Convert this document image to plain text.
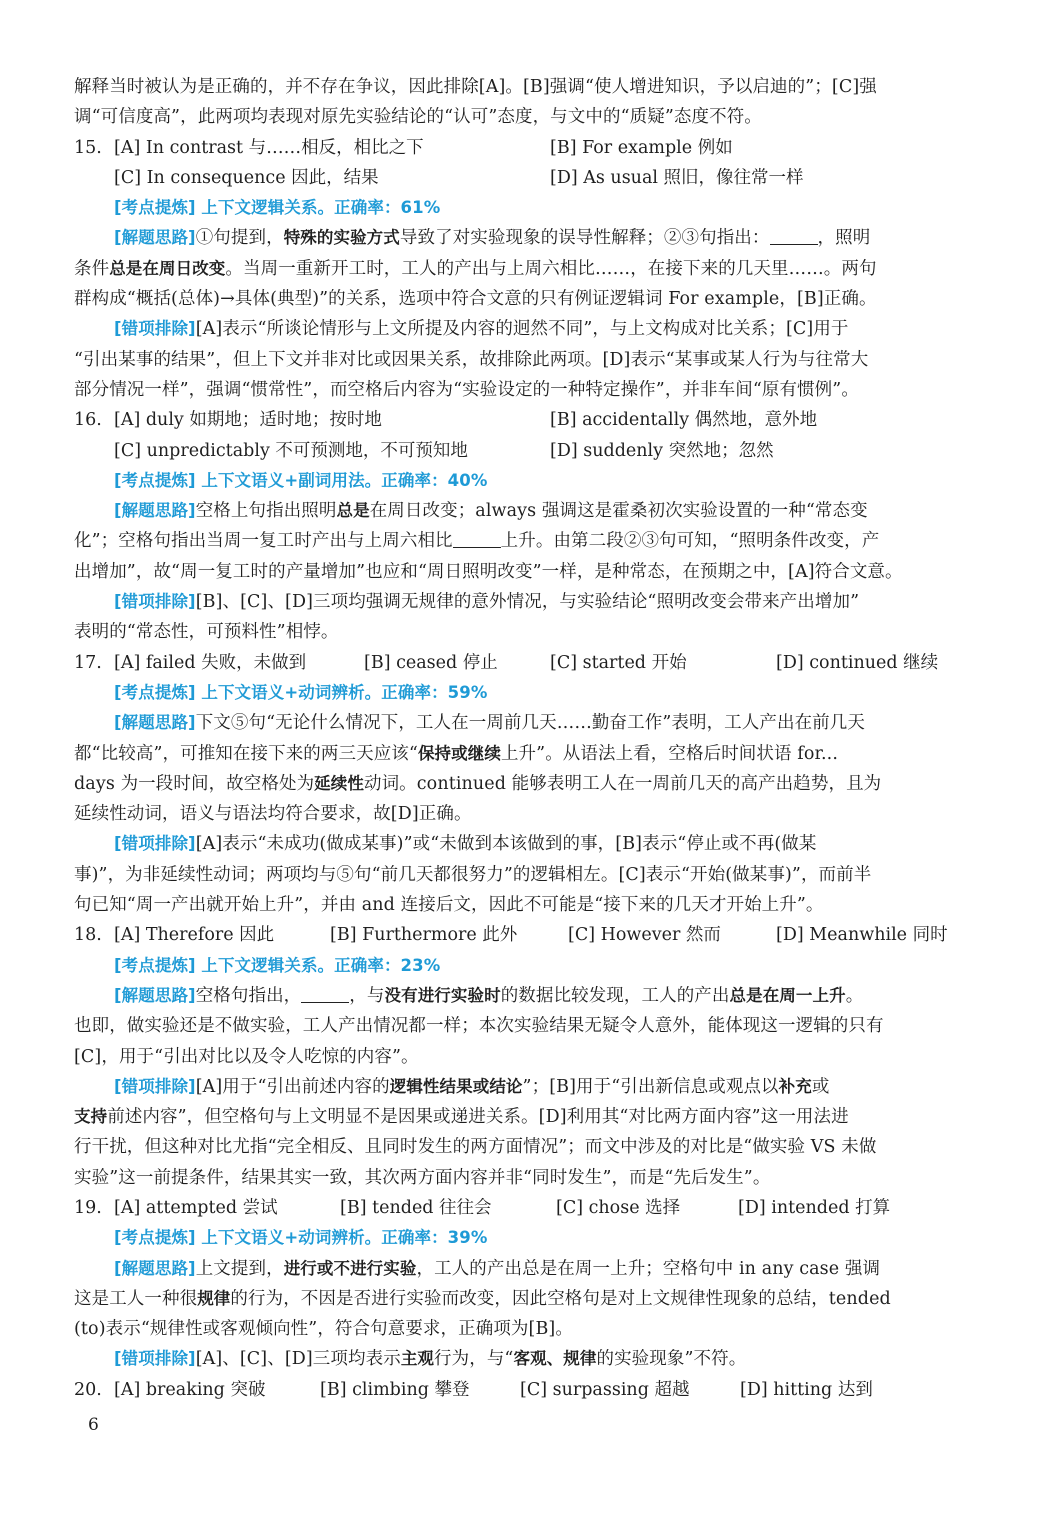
解释当时被认为是正确的，并不存在争议，因此排除[A]。[B]强调“使人增进知识，予以启迪的”；[C]强

调“可信度高”，此两项均表现对原先实验结论的“认可”态度，与文中的“质疑”态度不符。

15. [A] In contrast 与……相反，相比之下	[B] For example 例如
[C] In consequence 因此，结果	[D] As usual 照旧，像往常一样

[考点提炼] 上下文逻辑关系。正确率：61%

[解题思路]①句提到，特殊的实验方式导致了对实验现象的误导性解释；②③句指出：	，照明

条件总是在周日改变。当周一重新开工时，工人的产出与上周六相比……，在接下来的几天里……。两句

群构成“概括(总体)→具体(典型)”的关系，选项中符合文意的只有例证逻辑词 For example，[B]正确。

[错项排除][A]表示“所谈论情形与上文所提及内容的迥然不同”，与上文构成对比关系；[C]用于

“引出某事的结果”，但上下文并非对比或因果关系，故排除此两项。[D]表示“某事或某人行为与往常大

部分情况一样”，强调“惯常性”，而空格后内容为“实验设定的一种特定操作”，并非车间“原有惯例”。

16. [A] duly 如期地；适时地；按时地	[B] accidentally 偶然地，意外地
[C] unpredictably 不可预测地，不可预知地	[D] suddenly 突然地；忽然

[考点提炼] 上下文语义+副词用法。正确率：40%

[解题思路]空格上句指出照明总是在周日改变；always 强调这是霍桑初次实验设置的一种“常态变

化”；空格句指出当周一复工时产出与上周六相比	上升。由第二段②③句可知，“照明条件改变，产

出增加”，故“周一复工时的产量增加”也应和“周日照明改变”一样，是种常态，在预期之中，[A]符合文意。

[错项排除][B]、[C]、[D]三项均强调无规律的意外情况，与实验结论“照明改变会带来产出增加”

表明的“常态性，可预料性”相悖。

17. [A] failed 失败，未做到	[B] ceased 停止	[C] started 开始	[D] continued 继续

[考点提炼] 上下文语义+动词辨析。正确率：59%

[解题思路]下文⑤句“无论什么情况下，工人在一周前几天……勤奋工作”表明，工人产出在前几天

都“比较高”，可推知在接下来的两三天应该“保持或继续上升”。从语法上看，空格后时间状语 for...

days 为一段时间，故空格处为延续性动词。continued 能够表明工人在一周前几天的高产出趋势，且为

延续性动词，语义与语法均符合要求，故[D]正确。

[错项排除][A]表示“未成功(做成某事)”或“未做到本该做到的事，[B]表示“停止或不再(做某

事)”，为非延续性动词；两项均与⑤句“前几天都很努力”的逻辑相左。[C]表示“开始(做某事)”，而前半

句已知“周一产出就开始上升”，并由 and 连接后文，因此不可能是“接下来的几天才开始上升”。

18. [A] Therefore 因此	[B] Furthermore 此外	[C] However 然而	[D] Meanwhile 同时

[考点提炼] 上下文逻辑关系。正确率：23%

[解题思路]空格句指出，	，与没有进行实验时的数据比较发现，工人的产出总是在周一上升。

也即，做实验还是不做实验，工人产出情况都一样；本次实验结果无疑令人意外，能体现这一逻辑的只有

[C]，用于“引出对比以及令人吃惊的内容”。

[错项排除][A]用于“引出前述内容的逻辑性结果或结论”；[B]用于“引出新信息或观点以补充或

支持前述内容”，但空格句与上文明显不是因果或递进关系。[D]利用其“对比两方面内容”这一用法进

行干扰，但这种对比尤指“完全相反、且同时发生的两方面情况”；而文中涉及的对比是“做实验 VS 未做

实验”这一前提条件，结果其实一致，其次两方面内容并非“同时发生”，而是“先后发生”。

19. [A] attempted 尝试	[B] tended 往往会	[C] chose 选择	[D] intended 打算

[考点提炼] 上下文语义+动词辨析。正确率：39%

[解题思路]上文提到，进行或不进行实验，工人的产出总是在周一上升；空格句中 in any case 强调

这是工人一种很规律的行为，不因是否进行实验而改变，因此空格句是对上文规律性现象的总结，tended

(to)表示“规律性或客观倾向性”，符合句意要求，正确项为[B]。

[错项排除][A]、[C]、[D]三项均表示主观行为，与“客观、规律的实验现象”不符。

20. [A] breaking 突破	[B] climbing 攀登	[C] surpassing 超越	[D] hitting 达到
6
